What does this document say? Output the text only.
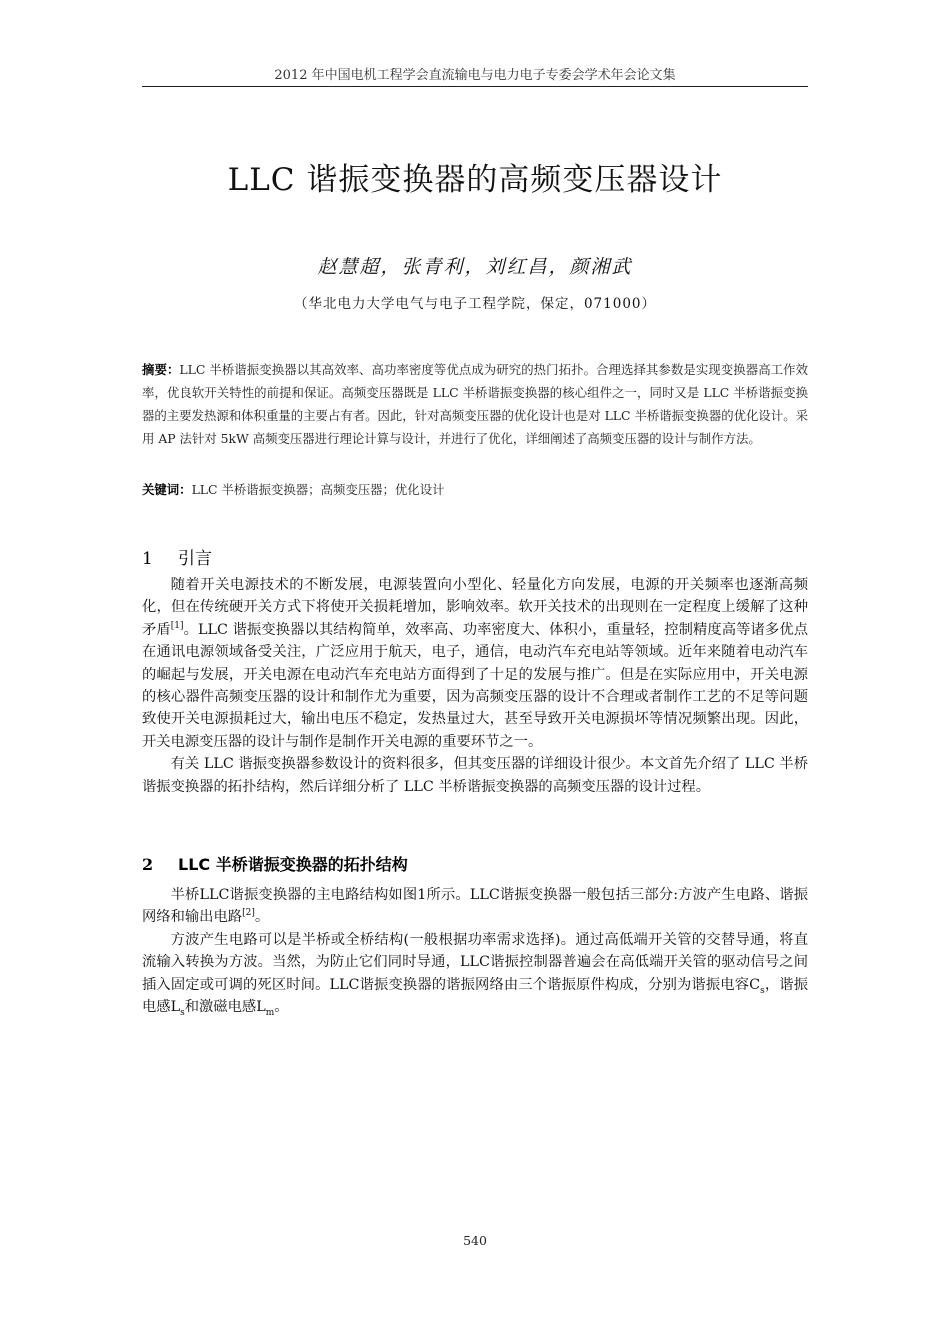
2012 年中国电机工程学会直流输电与电力电子专委会学术年会论文集
LLC 谐振变换器的高频变压器设计
赵慧超，张青利，刘红昌，颜湘武
（华北电力大学电气与电子工程学院，保定，071000）
摘要：LLC 半桥谐振变换器以其高效率、高功率密度等优点成为研究的热门拓扑。合理选择其参数是实现变换器高工作效率，优良软开关特性的前提和保证。高频变压器既是 LLC 半桥谐振变换器的核心组件之一，同时又是 LLC 半桥谐振变换器的主要发热源和体积重量的主要占有者。因此，针对高频变压器的优化设计也是对 LLC 半桥谐振变换器的优化设计。采用 AP 法针对 5kW 高频变压器进行理论计算与设计，并进行了优化，详细阐述了高频变压器的设计与制作方法。
关键词：LLC 半桥谐振变换器；高频变压器；优化设计
1 引言

随着开关电源技术的不断发展，电源装置向小型化、轻量化方向发展，电源的开关频率也逐渐高频化，但在传统硬开关方式下将使开关损耗增加，影响效率。软开关技术的出现则在一定程度上缓解了这种矛盾[1]。LLC 谐振变换器以其结构简单，效率高、功率密度大、体积小，重量轻，控制精度高等诸多优点在通讯电源领域备受关注，广泛应用于航天，电子，通信，电动汽车充电站等领域。近年来随着电动汽车的崛起与发展，开关电源在电动汽车充电站方面得到了十足的发展与推广。但是在实际应用中，开关电源的核心器件高频变压器的设计和制作尤为重要，因为高频变压器的设计不合理或者制作工艺的不足等问题致使开关电源损耗过大，输出电压不稳定，发热量过大，甚至导致开关电源损坏等情况频繁出现。因此，开关电源变压器的设计与制作是制作开关电源的重要环节之一。

有关 LLC 谐振变换器参数设计的资料很多，但其变压器的详细设计很少。本文首先介绍了 LLC 半桥谐振变换器的拓扑结构，然后详细分析了 LLC 半桥谐振变换器的高频变压器的设计过程。

2 LLC 半桥谐振变换器的拓扑结构

半桥LLC谐振变换器的主电路结构如图1所示。LLC谐振变换器一般包括三部分:方波产生电路、谐振网络和输出电路[2]。

方波产生电路可以是半桥或全桥结构(一般根据功率需求选择)。通过高低端开关管的交替导通，将直流输入转换为方波。当然，为防止它们同时导通，LLC谐振控制器普遍会在高低端开关管的驱动信号之间插入固定或可调的死区时间。LLC谐振变换器的谐振网络由三个谐振原件构成，分别为谐振电容$C_s$，谐振电感$L_s$和激磁电感$L_m$。

540
